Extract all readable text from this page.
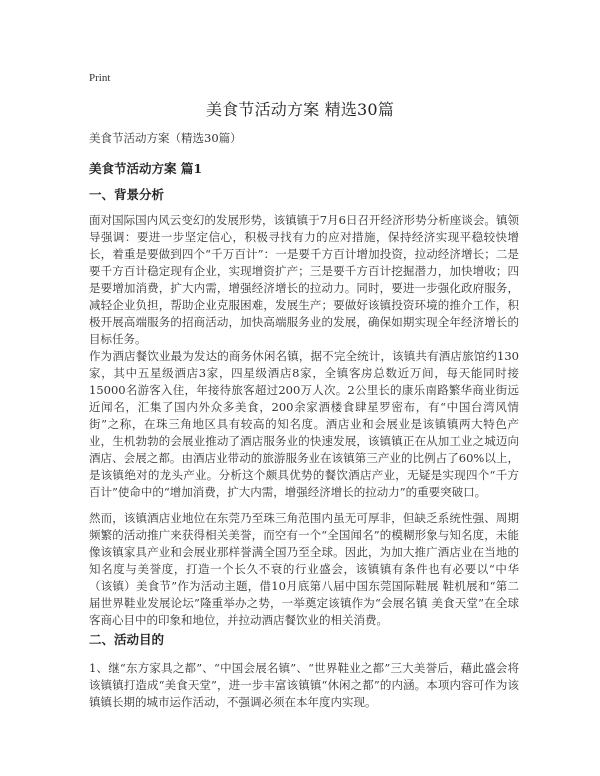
Print
美食节活动方案 精选30篇
美食节活动方案（精选30篇）
美食节活动方案 篇1
一、背景分析

面对国际国内风云变幻的发展形势，该镇镇于7月6日召开经济形势分析座谈会。镇领导强调：要进一步坚定信心，积极寻找有力的应对措施，保持经济实现平稳较快增长，着重是要做到四个“千万百计”：一是要千方百计增加投资，拉动经济增长；二是要千方百计稳定现有企业，实现增资扩产；三是要千方百计挖掘潜力，加快增收；四是要增加消费，扩大内需，增强经济增长的拉动力。同时，要进一步强化政府服务，减轻企业负担，帮助企业克服困难，发展生产；要做好该镇投资环境的推介工作，积极开展高端服务的招商活动，加快高端服务业的发展，确保如期实现全年经济增长的目标任务。

作为酒店餐饮业最为发达的商务休闲名镇，据不完全统计，该镇共有酒店旅馆约130家，其中五星级酒店3家，四星级酒店8家，全镇客房总数近万间，每天能同时接15000名游客入住，年接待旅客超过200万人次。2公里长的康乐南路繁华商业街远近闻名，汇集了国内外众多美食，200余家酒楼食肆星罗密布，有“中国台湾风情街”之称，在珠三角地区具有较高的知名度。酒店业和会展业是该镇镇两大特色产业，生机勃勃的会展业推动了酒店服务业的快速发展，该镇镇正在从加工业之城迈向酒店、会展之都。由酒店业带动的旅游服务业在该镇第三产业的比例占了60%以上，是该镇绝对的龙头产业。分析这个颇具优势的餐饮酒店产业，无疑是实现四个“千方百计”使命中的“增加消费，扩大内需，增强经济增长的拉动力”的重要突破口。

然而，该镇酒店业地位在东莞乃至珠三角范围内虽无可厚非，但缺乏系统性强、周期频繁的活动推广来获得相关美誉，而空有一个“全国闻名”的模糊形象与知名度，未能像该镇家具产业和会展业那样誉满全国乃至全球。因此，为加大推广酒店业在当地的知名度与美誉度，打造一个长久不衰的行业盛会，该镇镇有条件也有必要以“中华（该镇）美食节”作为活动主题，借10月底第八届中国东莞国际鞋展 鞋机展和“第二届世界鞋业发展论坛”隆重举办之势，一举奠定该镇作为“会展名镇 美食天堂”在全球客商心目中的印象和地位，并拉动酒店餐饮业的相关消费。

二、活动目的

1、继“东方家具之都”、“中国会展名镇”、“世界鞋业之都”三大美誉后，藉此盛会将该镇镇打造成“美食天堂”，进一步丰富该镇镇“休闲之都”的内涵。本项内容可作为该镇镇长期的城市运作活动，不强调必须在本年度内实现。
